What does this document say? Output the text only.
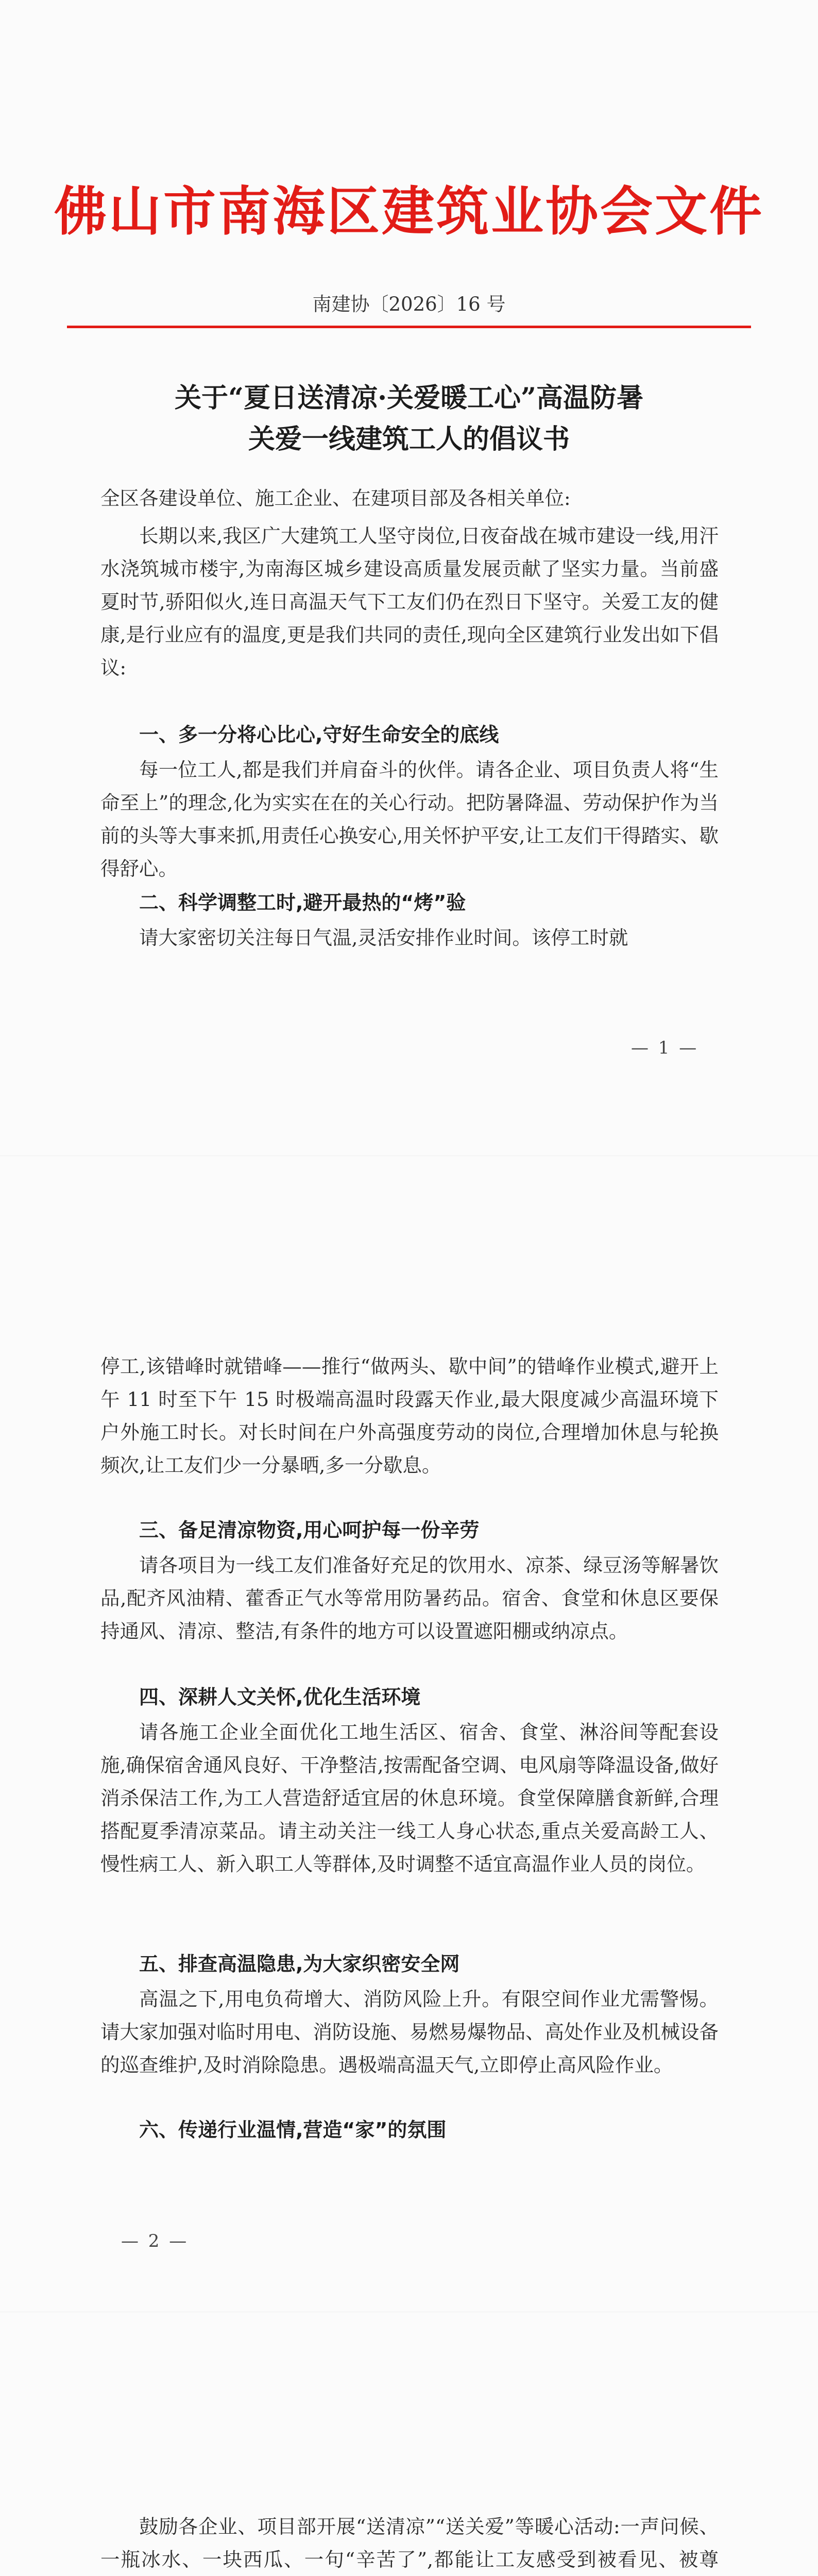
佛山市南海区建筑业协会文件
南建协〔2026〕16 号
关于“夏日送清凉·关爱暖工心”高温防暑
关爱一线建筑工人的倡议书
全区各建设单位、施工企业、在建项目部及各相关单位:
长期以来,我区广大建筑工人坚守岗位,日夜奋战在城市建设一线,用汗水浇筑城市楼宇,为南海区城乡建设高质量发展贡献了坚实力量。当前盛夏时节,骄阳似火,连日高温天气下工友们仍在烈日下坚守。关爱工友的健康,是行业应有的温度,更是我们共同的责任,现向全区建筑行业发出如下倡议:
一、多一分将心比心,守好生命安全的底线
每一位工人,都是我们并肩奋斗的伙伴。请各企业、项目负责人将“生命至上”的理念,化为实实在在的关心行动。把防暑降温、劳动保护作为当前的头等大事来抓,用责任心换安心,用关怀护平安,让工友们干得踏实、歇得舒心。
二、科学调整工时,避开最热的“烤”验
请大家密切关注每日气温,灵活安排作业时间。该停工时就
— 1 —
停工,该错峰时就错峰——推行“做两头、歇中间”的错峰作业模式,避开上午 11 时至下午 15 时极端高温时段露天作业,最大限度减少高温环境下户外施工时长。对长时间在户外高强度劳动的岗位,合理增加休息与轮换频次,让工友们少一分暴晒,多一分歇息。
三、备足清凉物资,用心呵护每一份辛劳
请各项目为一线工友们准备好充足的饮用水、凉茶、绿豆汤等解暑饮品,配齐风油精、藿香正气水等常用防暑药品。宿舍、食堂和休息区要保持通风、清凉、整洁,有条件的地方可以设置遮阳棚或纳凉点。
四、深耕人文关怀,优化生活环境
请各施工企业全面优化工地生活区、宿舍、食堂、淋浴间等配套设施,确保宿舍通风良好、干净整洁,按需配备空调、电风扇等降温设备,做好消杀保洁工作,为工人营造舒适宜居的休息环境。食堂保障膳食新鲜,合理搭配夏季清凉菜品。请主动关注一线工人身心状态,重点关爱高龄工人、慢性病工人、新入职工人等群体,及时调整不适宜高温作业人员的岗位。
五、排查高温隐患,为大家织密安全网
高温之下,用电负荷增大、消防风险上升。有限空间作业尤需警惕。请大家加强对临时用电、消防设施、易燃易爆物品、高处作业及机械设备的巡查维护,及时消除隐患。遇极端高温天气,立即停止高风险作业。
六、传递行业温情,营造“家”的氛围
— 2 —
鼓励各企业、项目部开展“送清凉”“送关爱”等暖心活动:一声问候、一瓶冰水、一块西瓜、一句“辛苦了”,都能让工友感受到被看见、被尊
